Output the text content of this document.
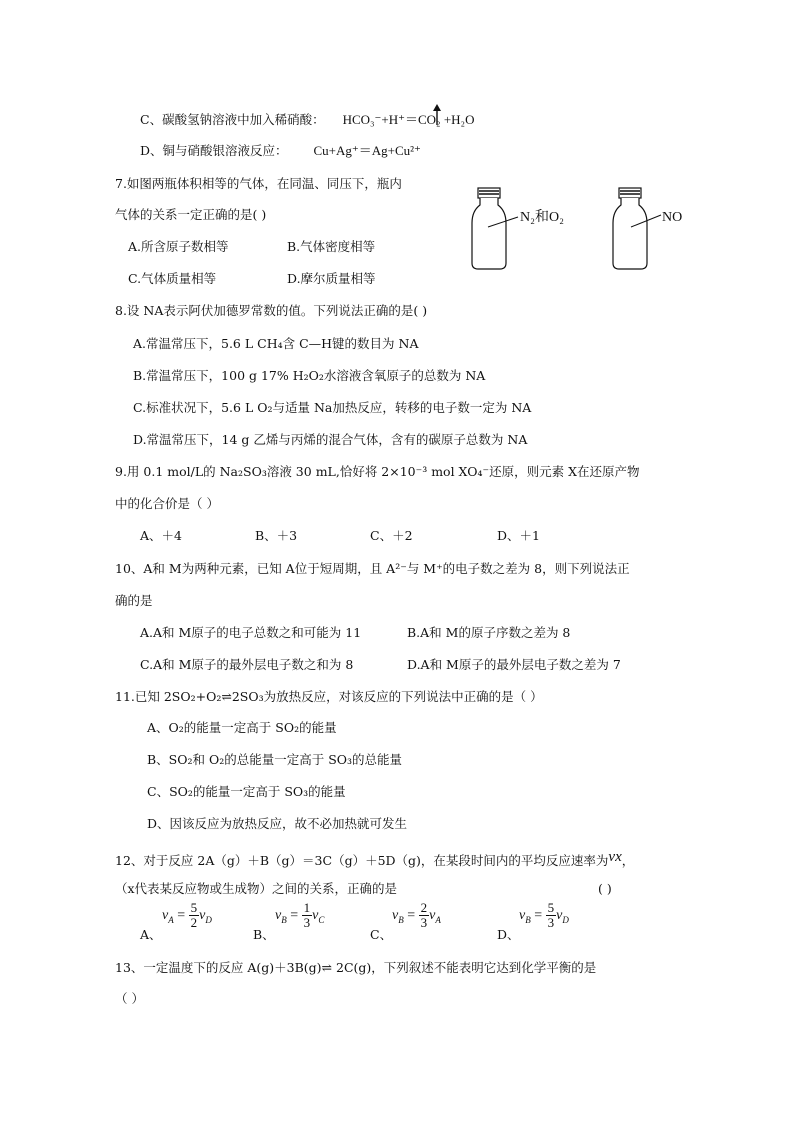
C、碳酸氢钠溶液中加入稀硝酸： HCO₃⁻+H⁺＝CO₂ +H₂O
D、铜与硝酸银溶液反应： Cu+Ag⁺＝Ag+Cu²⁺
7.如图两瓶体积相等的气体，在同温、同压下，瓶内
气体的关系一定正确的是( )
A.所含原子数相等	B.气体密度相等
C.气体质量相等	D.摩尔质量相等
N₂和O₂	NO
8.设 NA表示阿伏加德罗常数的值。下列说法正确的是( )
A.常温常压下，5.6 L CH₄含 C—H键的数目为 NA
B.常温常压下，100 g 17% H₂O₂水溶液含氧原子的总数为 NA
C.标准状况下，5.6 L O₂与适量 Na加热反应，转移的电子数一定为 NA
D.常温常压下，14 g 乙烯与丙烯的混合气体，含有的碳原子总数为 NA
9.用 0.1 mol/L的 Na₂SO₃溶液 30 mL,恰好将 2×10⁻³ mol XO₄⁻还原，则元素 X在还原产物
中的化合价是（ ）
A、＋4	B、＋3	C、＋2	D、＋1
10、A和 M为两种元素，已知 A位于短周期，且 A²⁻与 M⁺的电子数之差为 8，则下列说法正
确的是
A.A和 M原子的电子总数之和可能为 11	B.A和 M的原子序数之差为 8
C.A和 M原子的最外层电子数之和为 8	D.A和 M原子的最外层电子数之差为 7
11.已知 2SO₂+O₂⇌2SO₃为放热反应，对该反应的下列说法中正确的是（ ）
A、O₂的能量一定高于 SO₂的能量
B、SO₂和 O₂的总能量一定高于 SO₃的总能量
C、SO₂的能量一定高于 SO₃的能量
D、因该反应为放热反应，故不必加热就可发生
12、对于反应 2A（g）＋B（g）＝3C（g）＋5D（g)，在某段时间内的平均反应速率为vx，
（x代表某反应物或生成物）之间的关系，正确的是	( )
A、
$v_A = \frac{5}{2} v_D$
B、
$v_B = \frac{1}{3} v_C$
C、
$v_B = \frac{2}{3} v_A$
D、
$v_B = \frac{5}{3} v_D$
13、一定温度下的反应 A(g)＋3B(g)⇌ 2C(g)，下列叙述不能表明它达到化学平衡的是
（ ）
